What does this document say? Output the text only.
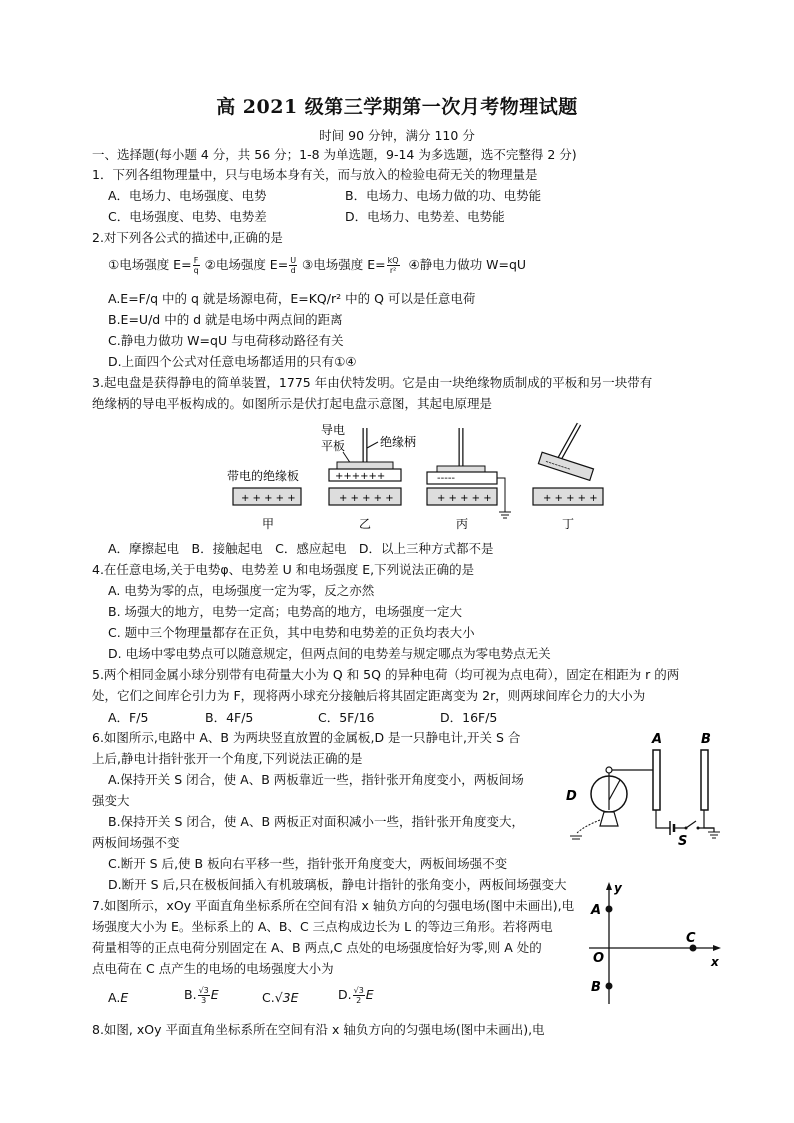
高 2021 级第三学期第一次月考物理试题
时间 90 分钟，满分 110 分
一、选择题(每小题 4 分，共 56 分；1-8 为单选题，9-14 为多选题，选不完整得 2 分)
1．下列各组物理量中，只与电场本身有关，而与放入的检验电荷无关的物理量是
A．电场力、电场强度、电势	B．电场力、电场力做的功、电势能
C．电场强度、电势、电势差	D．电场力、电势差、电势能
2.对下列各公式的描述中,正确的是
①电场强度 $E= \frac{F}{q}$ ②电场强度 $E= \frac{U}{d}$ ③电场强度 $E= \frac{kQ}{\text{r²}}$ ④静电力做功 W=qU
A.E=F/q 中的 q 就是场源电荷，E=KQ/r² 中的 Q 可以是任意电荷
B.E=U/d 中的 d 就是电场中两点间的距离
C.静电力做功 W=qU 与电荷移动路径有关
D.上面四个公式对任意电场都适用的只有①④
3.起电盘是获得静电的简单装置，1775 年由伏特发明。它是由一块绝缘物质制成的平板和另一块带有
绝缘柄的导电平板构成的。如图所示是伏打起电盘示意图，其起电原理是
导电
平板	绝缘柄
带电的绝缘板
+ + + + +
甲
++++++
+ + + + +
乙
-----
+ + + + +
丙
--------
+ + + + +
丁
A．摩擦起电　B．接触起电　C．感应起电　D．以上三种方式都不是
4.在任意电场,关于电势φ、电势差 U 和电场强度 E,下列说法正确的是
A. 电势为零的点，电场强度一定为零，反之亦然
B. 场强大的地方，电势一定高；电势高的地方，电场强度一定大
C. 题中三个物理量都存在正负，其中电势和电势差的正负均表大小
D. 电场中零电势点可以随意规定，但两点间的电势差与规定哪点为零电势点无关
5.两个相同金属小球分别带有电荷量大小为 Q 和 5Q 的异种电荷（均可视为点电荷），固定在相距为 r 的两
处，它们之间库仑引力为 F，现将两小球充分接触后将其固定距离变为 2r，则两球间库仑力的大小为
A．F/5	B．4F/5	C．5F/16	D．16F/5
6.如图所示,电路中 A、B 为两块竖直放置的金属板,D 是一只静电计,开关 S 合
上后,静电计指针张开一个角度,下列说法正确的是
A.保持开关 S 闭合，使 A、B 两板靠近一些，指针张开角度变小，两板间场
强变大
B.保持开关 S 闭合，使 A、B 两板正对面积减小一些，指针张开角度变大，
两板间场强不变
C.断开 S 后,使 B 板向右平移一些，指针张开角度变大，两板间场强不变
D.断开 S 后,只在极板间插入有机玻璃板，静电计指针的张角变小，两板间场强变大
A	B
D
S
7.如图所示，xOy 平面直角坐标系所在空间有沿 x 轴负方向的匀强电场(图中未画出),电
场强度大小为 E。坐标系上的 A、B、C 三点构成边长为 L 的等边三角形。若将两电
荷量相等的正点电荷分别固定在 A、B 两点,C 点处的电场强度恰好为零,则 A 处的
点电荷在 C 点产生的电场的电场强度大小为
A.E	B. $\frac{√3}{3}$ E	C.√3E	D. $\frac{√3}{2}$ E
y
x
O
A
B
C
8.如图, xOy 平面直角坐标系所在空间有沿 x 轴负方向的匀强电场(图中未画出),电
